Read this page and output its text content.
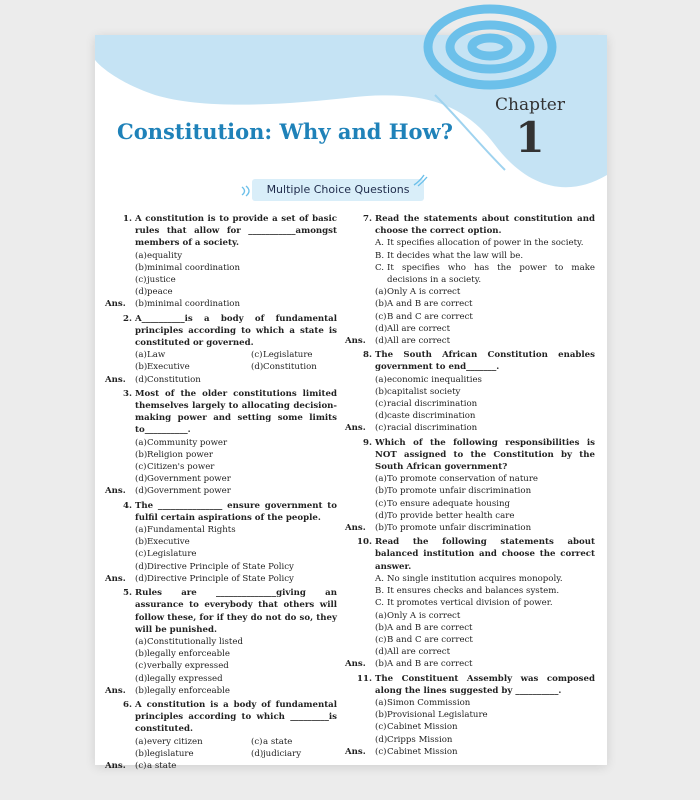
Chapter
1
Constitution: Why and How?
Multiple Choice Questions
1. A constitution is to provide a set of basic rules that allow for ___________amongst members of a society.
(a) equality
(b) minimal coordination
(c) justice
(d) peace
Ans. (b) minimal coordination
2. A__________is a body of fundamental principles according to which a state is constituted or governed.
(a) Law	(c) Legislature
(b) Executive	(d) Constitution
Ans. (d) Constitution
3. Most of the older constitutions limited themselves largely to allocating decision-making power and setting some limits to__________.
(a) Community power
(b) Religion power
(c) Citizen's power
(d) Government power
Ans. (d) Government power
4. The _______________ ensure government to fulfil certain aspirations of the people.
(a) Fundamental Rights
(b) Executive
(c) Legislature
(d) Directive Principle of State Policy
Ans. (d) Directive Principle of State Policy
5. Rules are ______________giving an assurance to everybody that others will follow these, for if they do not do so, they will be punished.
(a) Constitutionally listed
(b) legally enforceable
(c) verbally expressed
(d) legally expressed
Ans. (b) legally enforceable
6. A constitution is a body of fundamental principles according to which _________is constituted.
(a) every citizen	(c) a state
(b) legislature	(d) judiciary
Ans. (c) a state
7. Read the statements about constitution and choose the correct option.
A. It specifies allocation of power in the society.
B. It decides what the law will be.
C. It specifies who has the power to make decisions in a society.
(a) Only A is correct
(b) A and B are correct
(c) B and C are correct
(d) All are correct
Ans. (d) All are correct
8. The South African Constitution enables government to end_______.
(a) economic inequalities
(b) capitalist society
(c) racial discrimination
(d) caste discrimination
Ans. (c) racial discrimination
9. Which of the following responsibilities is NOT assigned to the Constitution by the South African government?
(a) To promote conservation of nature
(b) To promote unfair discrimination
(c) To ensure adequate housing
(d) To provide better health care
Ans. (b) To promote unfair discrimination
10. Read the following statements about balanced institution and choose the correct answer.
A. No single institution acquires monopoly.
B. It ensures checks and balances system.
C. It promotes vertical division of power.
(a) Only A is correct
(b) A and B are correct
(c) B and C are correct
(d) All are correct
Ans. (b) A and B are correct
11. The Constituent Assembly was composed along the lines suggested by __________.
(a) Simon Commission
(b) Provisional Legislature
(c) Cabinet Mission
(d) Cripps Mission
Ans. (c) Cabinet Mission
